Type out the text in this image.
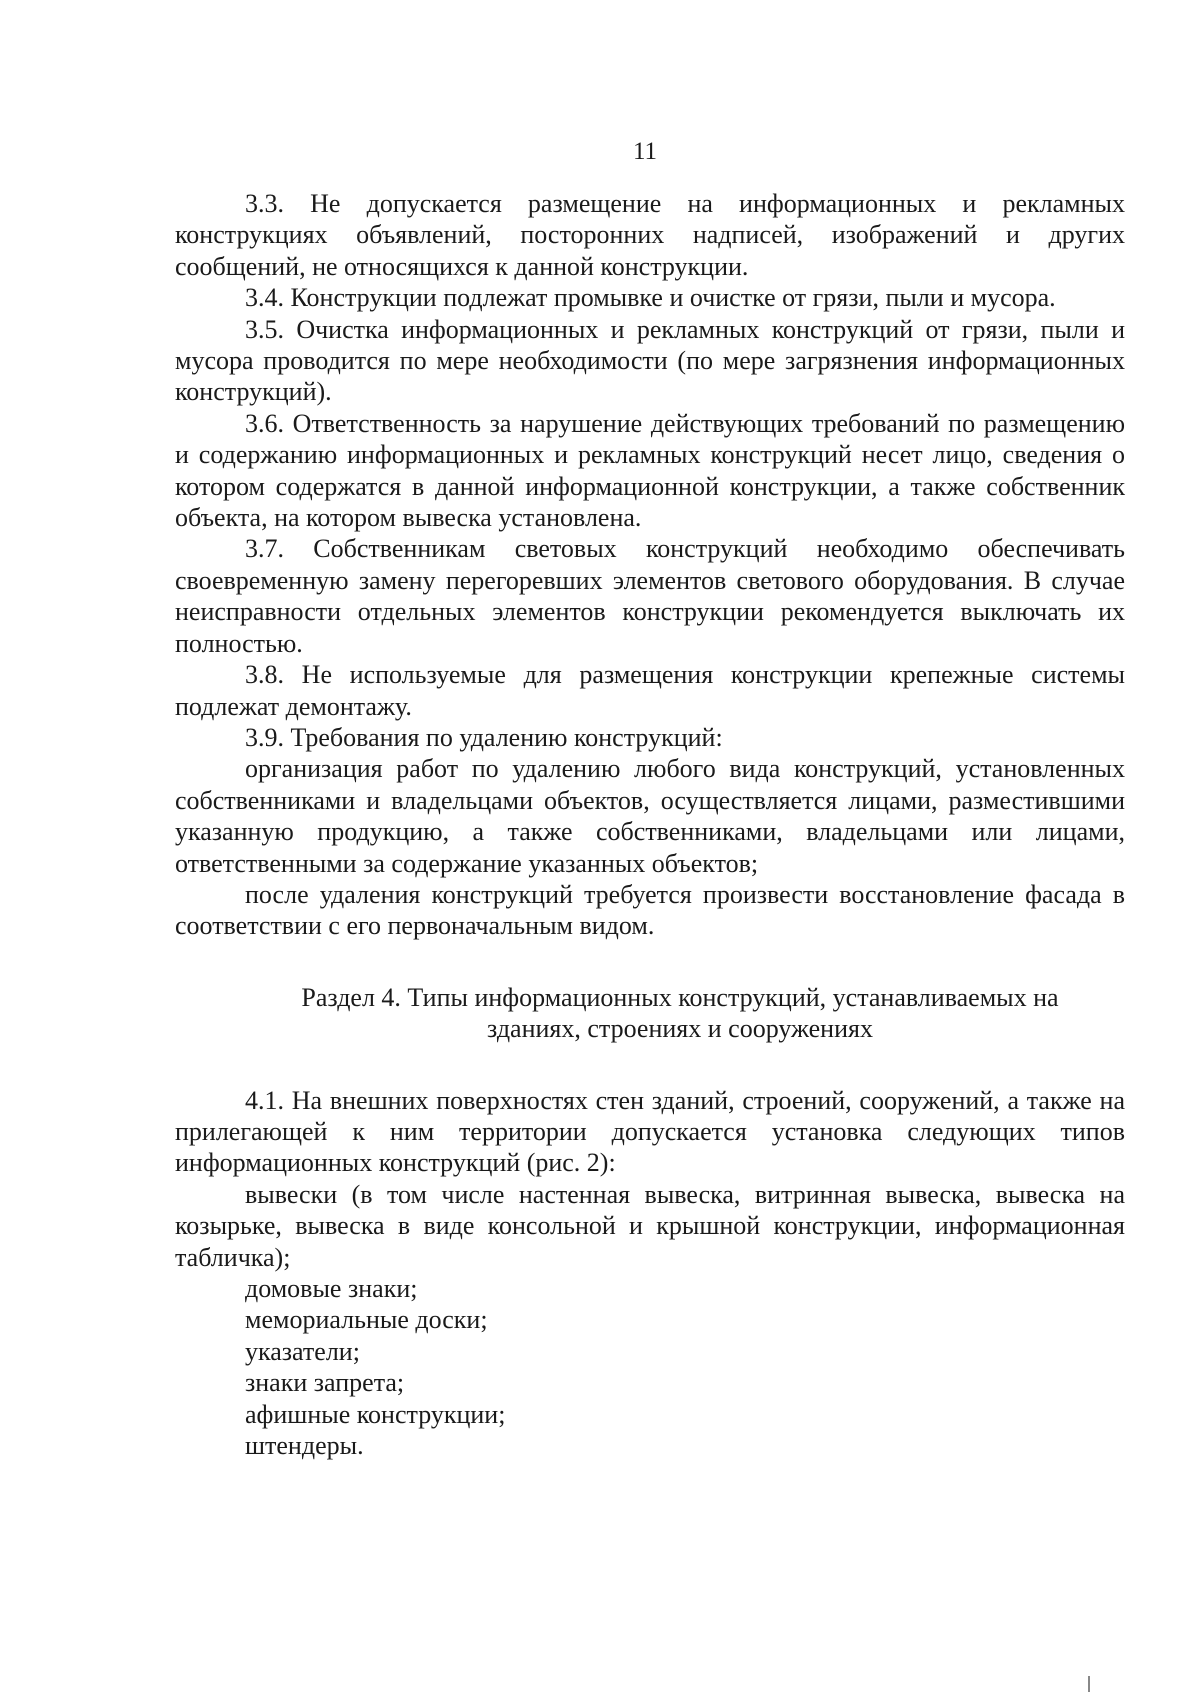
11

3.3. Не допускается размещение на информационных и рекламных конструкциях объявлений, посторонних надписей, изображений и других сообщений, не относящихся к данной конструкции.

3.4. Конструкции подлежат промывке и очистке от грязи, пыли и мусора.

3.5. Очистка информационных и рекламных конструкций от грязи, пыли и мусора проводится по мере необходимости (по мере загрязнения информационных конструкций).

3.6. Ответственность за нарушение действующих требований по размещению и содержанию информационных и рекламных конструкций несет лицо, сведения о котором содержатся в данной информационной конструкции, а также собственник объекта, на котором вывеска установлена.

3.7. Собственникам световых конструкций необходимо обеспечивать своевременную замену перегоревших элементов светового оборудования. В случае неисправности отдельных элементов конструкции рекомендуется выключать их полностью.

3.8. Не используемые для размещения конструкции крепежные системы подлежат демонтажу.

3.9. Требования по удалению конструкций:

организация работ по удалению любого вида конструкций, установленных собственниками и владельцами объектов, осуществляется лицами, разместившими указанную продукцию, а также собственниками, владельцами или лицами, ответственными за содержание указанных объектов;

после удаления конструкций требуется произвести восстановление фасада в соответствии с его первоначальным видом.

Раздел 4. Типы информационных конструкций, устанавливаемых на
зданиях, строениях и сооружениях

4.1. На внешних поверхностях стен зданий, строений, сооружений, а также на прилегающей к ним территории допускается установка следующих типов информационных конструкций (рис. 2):

вывески (в том числе настенная вывеска, витринная вывеска, вывеска на козырьке, вывеска в виде консольной и крышной конструкции, информационная табличка);

домовые знаки;

мемориальные доски;

указатели;

знаки запрета;

афишные конструкции;

штендеры.
